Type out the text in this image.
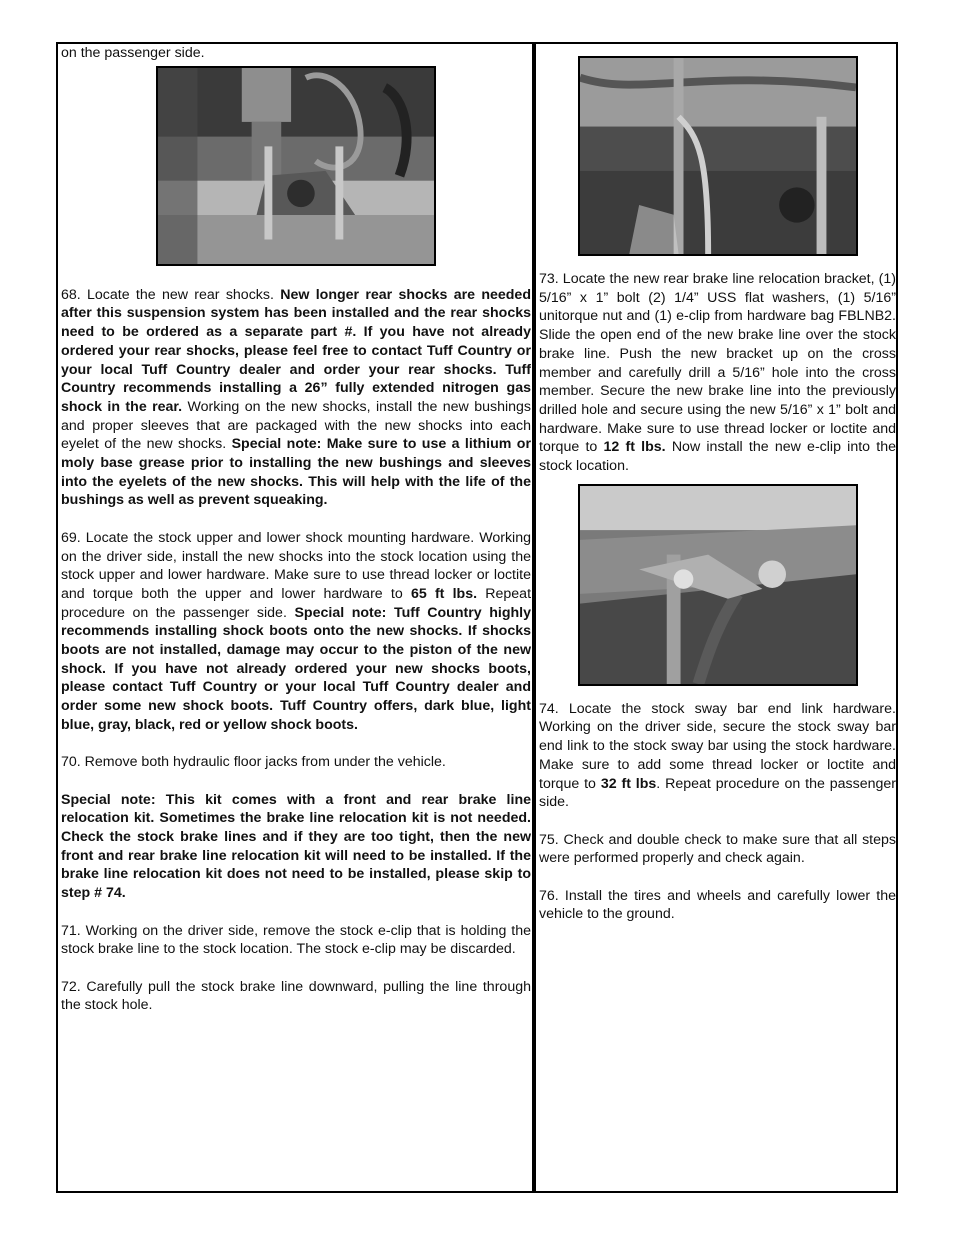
on the passenger side.

68. Locate the new rear shocks. New longer rear shocks are needed after this suspension system has been installed and the rear shocks need to be ordered as a separate part #. If you have not already ordered your rear shocks, please feel free to contact Tuff Country or your local Tuff Country dealer and order your rear shocks. Tuff Country recommends installing a 26” fully extended nitrogen gas shock in the rear. Working on the new shocks, install the new bushings and proper sleeves that are packaged with the new shocks into each eyelet of the new shocks. Special note: Make sure to use a lithium or moly base grease prior to installing the new bushings and sleeves into the eyelets of the new shocks. This will help with the life of the bushings as well as prevent squeaking.

69. Locate the stock upper and lower shock mounting hardware. Working on the driver side, install the new shocks into the stock location using the stock upper and lower hardware. Make sure to use thread locker or loctite and torque both the upper and lower hardware to 65 ft lbs. Repeat procedure on the passenger side. Special note: Tuff Country highly recommends installing shock boots onto the new shocks. If shocks boots are not installed, damage may occur to the piston of the new shock. If you have not already ordered your new shocks boots, please contact Tuff Country or your local Tuff Country dealer and order some new shock boots. Tuff Country offers, dark blue, light blue, gray, black, red or yellow shock boots.

70. Remove both hydraulic floor jacks from under the vehicle.

Special note: This kit comes with a front and rear brake line relocation kit. Sometimes the brake line relocation kit is not needed. Check the stock brake lines and if they are too tight, then the new front and rear brake line relocation kit will need to be installed. If the brake line relocation kit does not need to be installed, please skip to step # 74.

71. Working on the driver side, remove the stock e-clip that is holding the stock brake line to the stock location. The stock e-clip may be discarded.

72. Carefully pull the stock brake line downward, pulling the line through the stock hole.

73. Locate the new rear brake line relocation bracket, (1) 5/16” x 1” bolt (2) 1/4” USS flat washers, (1) 5/16” unitorque nut and (1) e-clip from hardware bag FBLNB2. Slide the open end of the new brake line over the stock brake line. Push the new bracket up on the cross member and carefully drill a 5/16” hole into the cross member. Secure the new brake line into the previously drilled hole and secure using the new 5/16” x 1” bolt and hardware. Make sure to use thread locker or loctite and torque to 12 ft lbs. Now install the new e-clip into the stock location.

74. Locate the stock sway bar end link hardware. Working on the driver side, secure the stock sway bar end link to the stock sway bar using the stock hardware. Make sure to add some thread locker or loctite and torque to 32 ft lbs. Repeat procedure on the passenger side.

75. Check and double check to make sure that all steps were performed properly and check again.

76. Install the tires and wheels and carefully lower the vehicle to the ground.
